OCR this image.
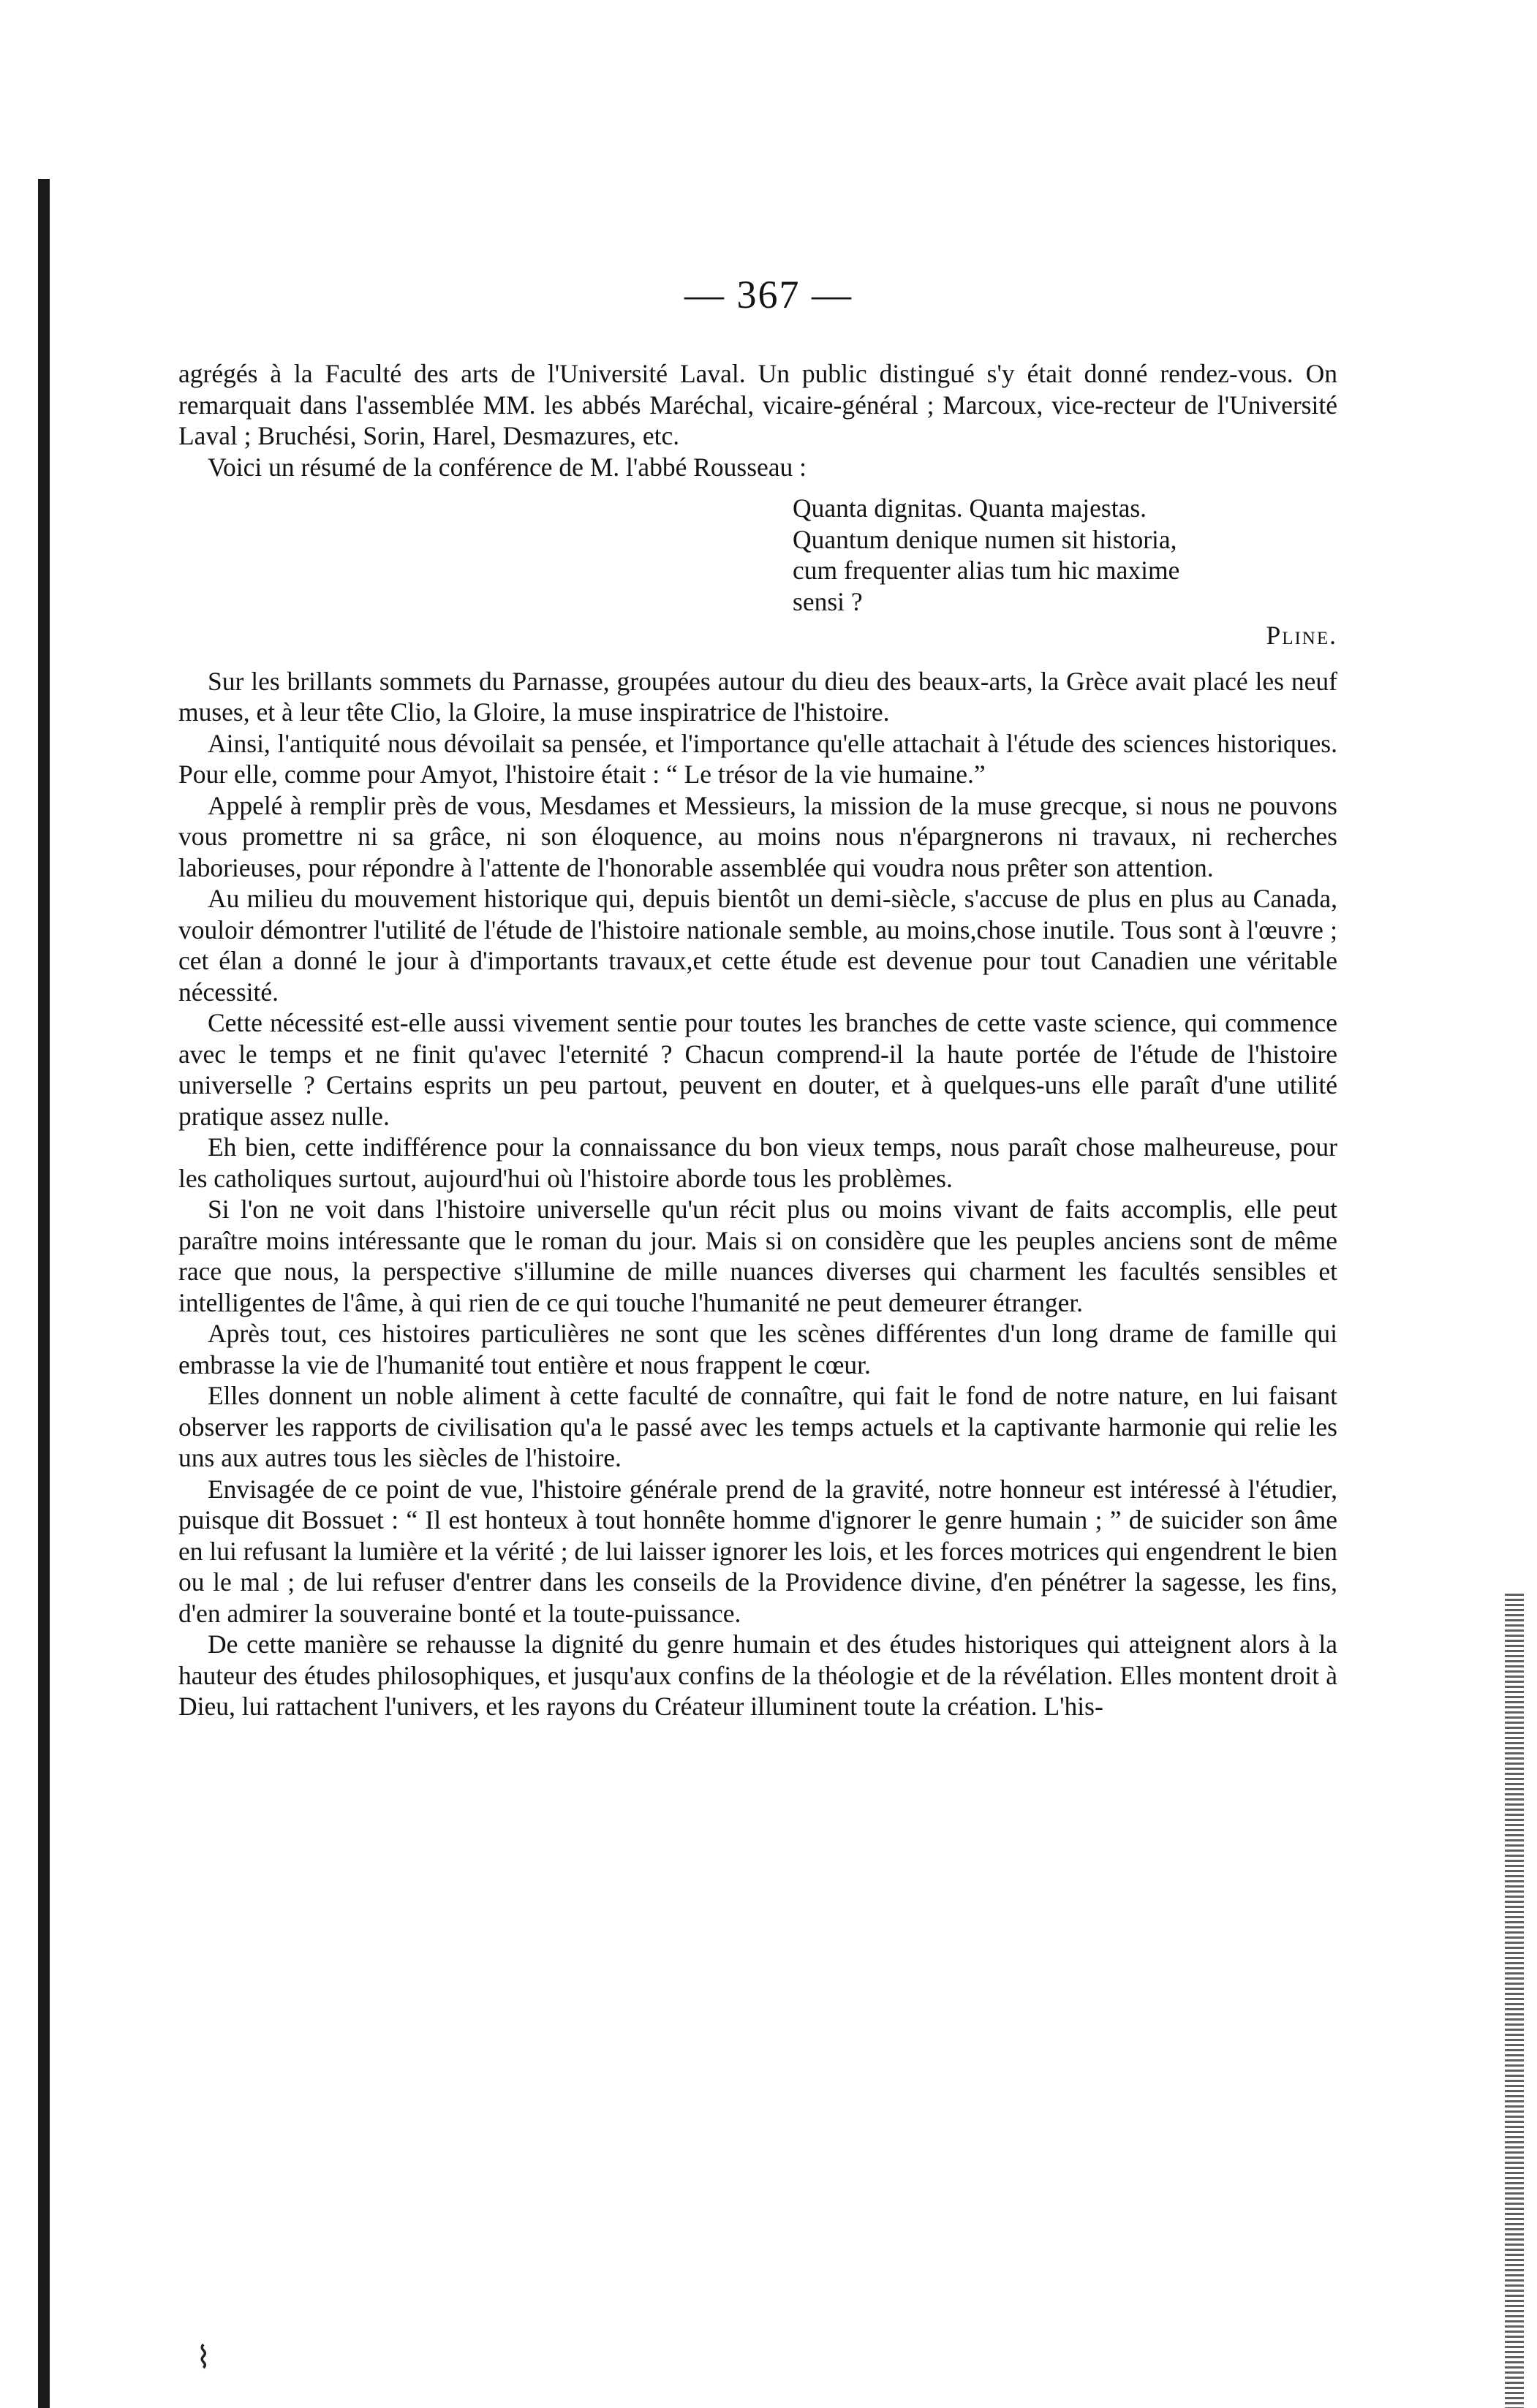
— 367 —

agrégés à la Faculté des arts de l'Université Laval. Un public distingué s'y était donné rendez-vous. On remarquait dans l'assemblée MM. les abbés Maréchal, vicaire-général ; Marcoux, vice-recteur de l'Université Laval ; Bruchési, Sorin, Harel, Desmazures, etc.

Voici un résumé de la conférence de M. l'abbé Rousseau :

Quanta dignitas. Quanta majestas.
Quantum denique numen sit historia,
cum frequenter alias tum hic maxime
sensi ?
Pline.

Sur les brillants sommets du Parnasse, groupées autour du dieu des beaux-arts, la Grèce avait placé les neuf muses, et à leur tête Clio, la Gloire, la muse inspiratrice de l'histoire.

Ainsi, l'antiquité nous dévoilait sa pensée, et l'importance qu'elle attachait à l'étude des sciences historiques. Pour elle, comme pour Amyot, l'histoire était : “ Le trésor de la vie humaine.”

Appelé à remplir près de vous, Mesdames et Messieurs, la mission de la muse grecque, si nous ne pouvons vous promettre ni sa grâce, ni son éloquence, au moins nous n'épargnerons ni travaux, ni recherches laborieuses, pour répondre à l'attente de l'honorable assemblée qui voudra nous prêter son attention.

Au milieu du mouvement historique qui, depuis bientôt un demi-siècle, s'accuse de plus en plus au Canada, vouloir démontrer l'utilité de l'étude de l'histoire nationale semble, au moins,chose inutile. Tous sont à l'œuvre ; cet élan a donné le jour à d'importants travaux,et cette étude est devenue pour tout Canadien une véritable nécessité.

Cette nécessité est-elle aussi vivement sentie pour toutes les branches de cette vaste science, qui commence avec le temps et ne finit qu'avec l'eternité ? Chacun comprend-il la haute portée de l'étude de l'histoire universelle ? Certains esprits un peu partout, peuvent en douter, et à quelques-uns elle paraît d'une utilité pratique assez nulle.

Eh bien, cette indifférence pour la connaissance du bon vieux temps, nous paraît chose malheureuse, pour les catholiques surtout, aujourd'hui où l'histoire aborde tous les problèmes.

Si l'on ne voit dans l'histoire universelle qu'un récit plus ou moins vivant de faits accomplis, elle peut paraître moins intéressante que le roman du jour. Mais si on considère que les peuples anciens sont de même race que nous, la perspective s'illumine de mille nuances diverses qui charment les facultés sensibles et intelligentes de l'âme, à qui rien de ce qui touche l'humanité ne peut demeurer étranger.

Après tout, ces histoires particulières ne sont que les scènes différentes d'un long drame de famille qui embrasse la vie de l'humanité tout entière et nous frappent le cœur.

Elles donnent un noble aliment à cette faculté de connaître, qui fait le fond de notre nature, en lui faisant observer les rapports de civilisation qu'a le passé avec les temps actuels et la captivante harmonie qui relie les uns aux autres tous les siècles de l'histoire.

Envisagée de ce point de vue, l'histoire générale prend de la gravité, notre honneur est intéressé à l'étudier, puisque dit Bossuet : “ Il est honteux à tout honnête homme d'ignorer le genre humain ; ” de suicider son âme en lui refusant la lumière et la vérité ; de lui laisser ignorer les lois, et les forces motrices qui engendrent le bien ou le mal ; de lui refuser d'entrer dans les conseils de la Providence divine, d'en pénétrer la sagesse, les fins, d'en admirer la souveraine bonté et la toute-puissance.

De cette manière se rehausse la dignité du genre humain et des études historiques qui atteignent alors à la hauteur des études philosophiques, et jusqu'aux confins de la théologie et de la révélation. Elles montent droit à Dieu, lui rattachent l'univers, et les rayons du Créateur illuminent toute la création. L'his-

⌇
